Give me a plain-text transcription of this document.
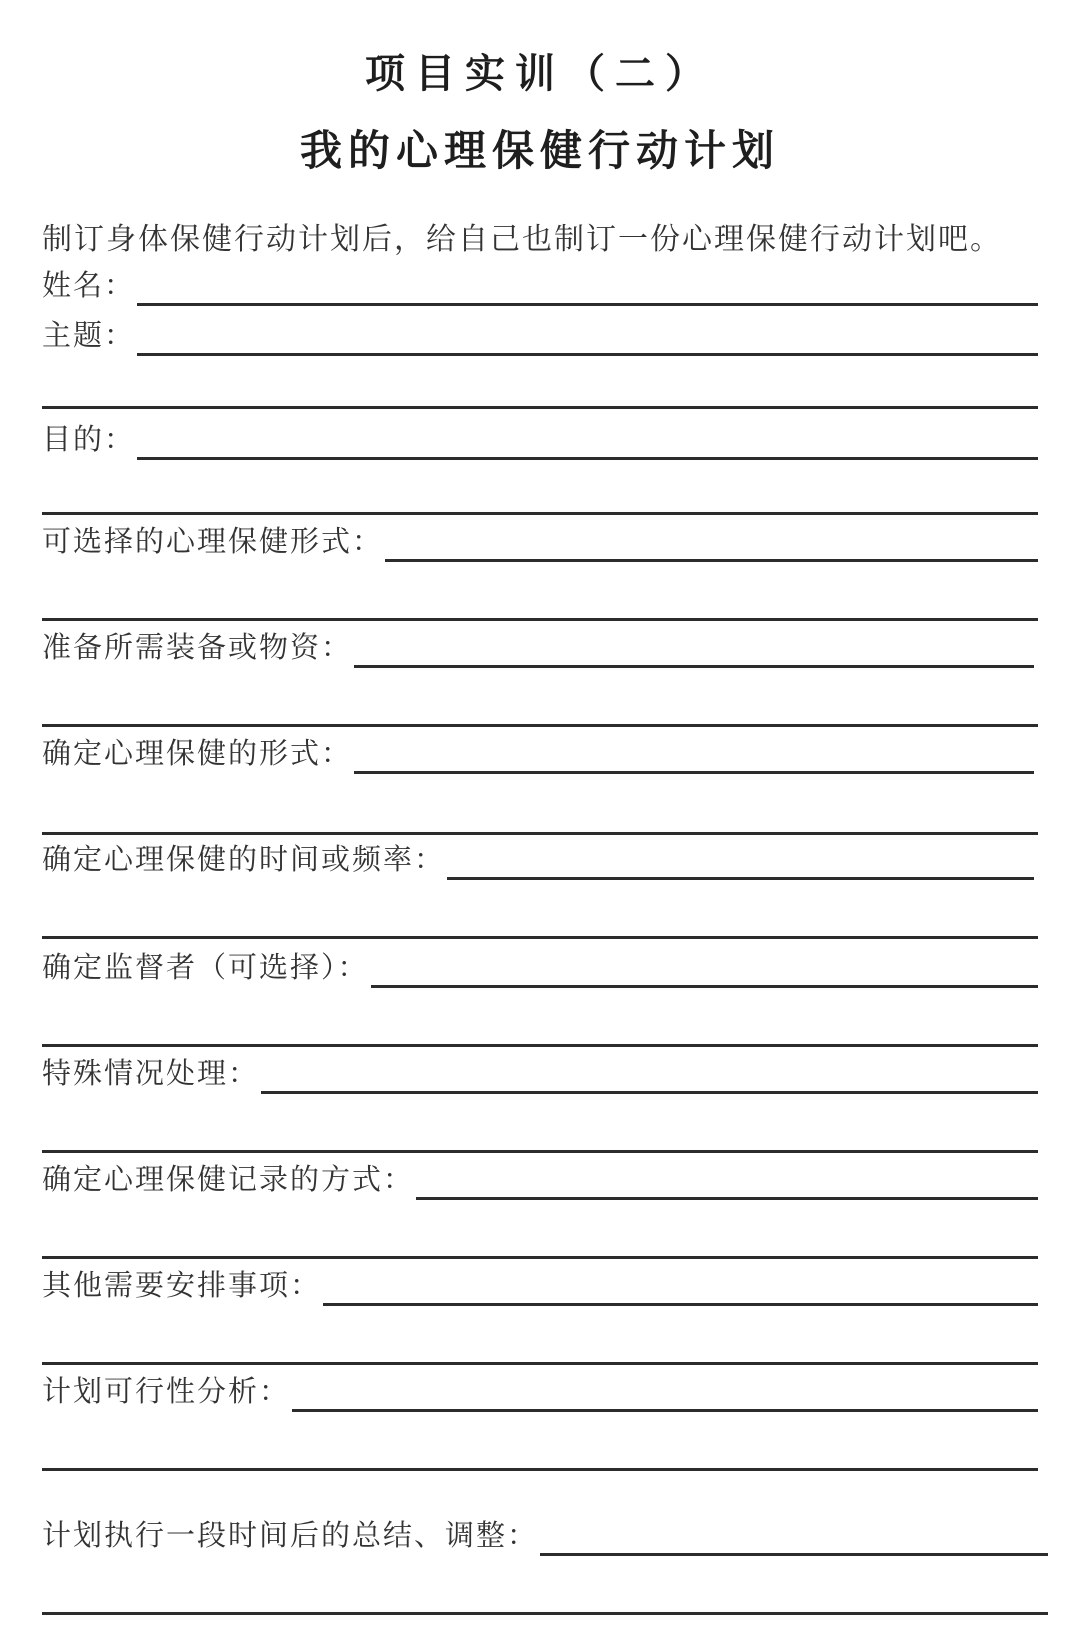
项目实训（二）
我的心理保健行动计划
制订身体保健行动计划后，给自己也制订一份心理保健行动计划吧。
姓名：
主题：
目的：
可选择的心理保健形式：
准备所需装备或物资：
确定心理保健的形式：
确定心理保健的时间或频率：
确定监督者（可选择）：
特殊情况处理：
确定心理保健记录的方式：
其他需要安排事项：
计划可行性分析：
计划执行一段时间后的总结、调整：
